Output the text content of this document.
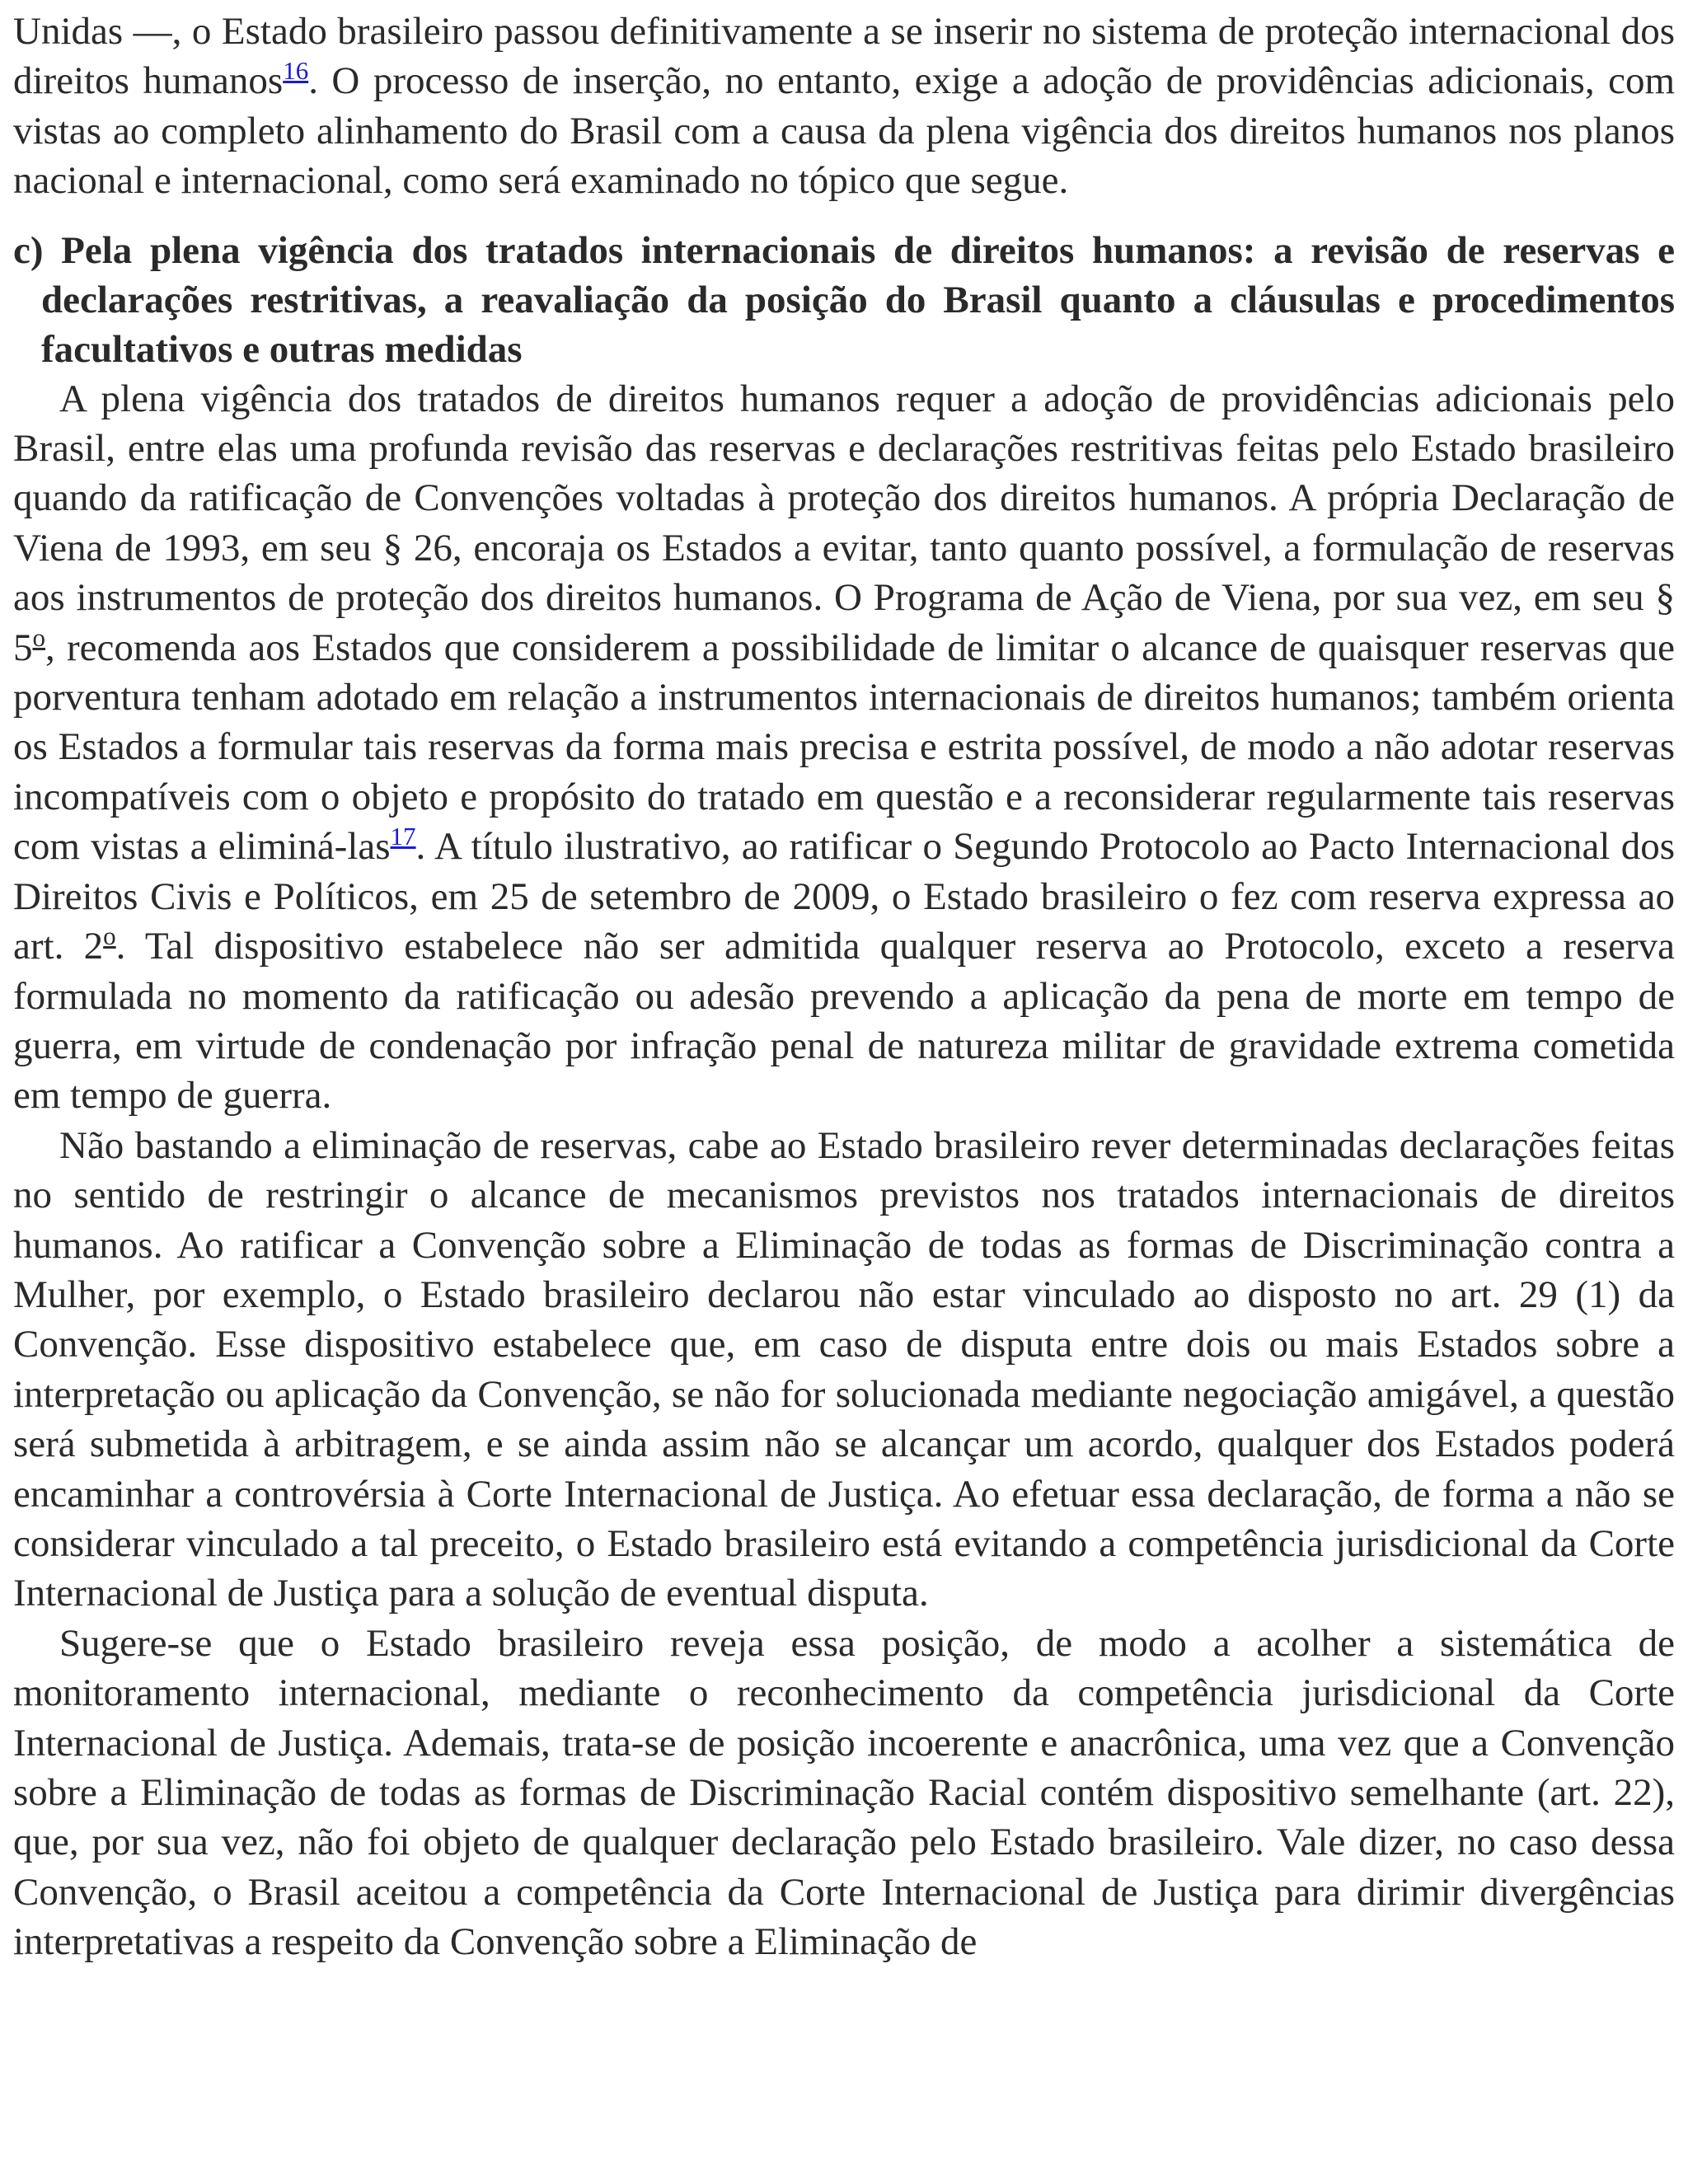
Unidas —, o Estado brasileiro passou definitivamente a se inserir no sistema de proteção internacional dos direitos humanos$^{16}$. O processo de inserção, no entanto, exige a adoção de providências adicionais, com vistas ao completo alinhamento do Brasil com a causa da plena vigência dos direitos humanos nos planos nacional e internacional, como será examinado no tópico que segue.

c) Pela plena vigência dos tratados internacionais de direitos humanos: a revisão de reservas e declarações restritivas, a reavaliação da posição do Brasil quanto a cláusulas e procedimentos facultativos e outras medidas

A plena vigência dos tratados de direitos humanos requer a adoção de providências adicionais pelo Brasil, entre elas uma profunda revisão das reservas e declarações restritivas feitas pelo Estado brasileiro quando da ratificação de Convenções voltadas à proteção dos direitos humanos. A própria Declaração de Viena de 1993, em seu § 26, encoraja os Estados a evitar, tanto quanto possível, a formulação de reservas aos instrumentos de proteção dos direitos humanos. O Programa de Ação de Viena, por sua vez, em seu § 5$^o$, recomenda aos Estados que considerem a possibilidade de limitar o alcance de quaisquer reservas que porventura tenham adotado em relação a instrumentos internacionais de direitos humanos; também orienta os Estados a formular tais reservas da forma mais precisa e estrita possível, de modo a não adotar reservas incompatíveis com o objeto e propósito do tratado em questão e a reconsiderar regularmente tais reservas com vistas a eliminá-las$^{17}$. A título ilustrativo, ao ratificar o Segundo Protocolo ao Pacto Internacional dos Direitos Civis e Políticos, em 25 de setembro de 2009, o Estado brasileiro o fez com reserva expressa ao art. 2$^o$. Tal dispositivo estabelece não ser admitida qualquer reserva ao Protocolo, exceto a reserva formulada no momento da ratificação ou adesão prevendo a aplicação da pena de morte em tempo de guerra, em virtude de condenação por infração penal de natureza militar de gravidade extrema cometida em tempo de guerra.

Não bastando a eliminação de reservas, cabe ao Estado brasileiro rever determinadas declarações feitas no sentido de restringir o alcance de mecanismos previstos nos tratados internacionais de direitos humanos. Ao ratificar a Convenção sobre a Eliminação de todas as formas de Discriminação contra a Mulher, por exemplo, o Estado brasileiro declarou não estar vinculado ao disposto no art. 29 (1) da Convenção. Esse dispositivo estabelece que, em caso de disputa entre dois ou mais Estados sobre a interpretação ou aplicação da Convenção, se não for solucionada mediante negociação amigável, a questão será submetida à arbitragem, e se ainda assim não se alcançar um acordo, qualquer dos Estados poderá encaminhar a controvérsia à Corte Internacional de Justiça. Ao efetuar essa declaração, de forma a não se considerar vinculado a tal preceito, o Estado brasileiro está evitando a competência jurisdicional da Corte Internacional de Justiça para a solução de eventual disputa.

Sugere-se que o Estado brasileiro reveja essa posição, de modo a acolher a sistemática de monitoramento internacional, mediante o reconhecimento da competência jurisdicional da Corte Internacional de Justiça. Ademais, trata-se de posição incoerente e anacrônica, uma vez que a Convenção sobre a Eliminação de todas as formas de Discriminação Racial contém dispositivo semelhante (art. 22), que, por sua vez, não foi objeto de qualquer declaração pelo Estado brasileiro. Vale dizer, no caso dessa Convenção, o Brasil aceitou a competência da Corte Internacional de Justiça para dirimir divergências interpretativas a respeito da Convenção sobre a Eliminação de
